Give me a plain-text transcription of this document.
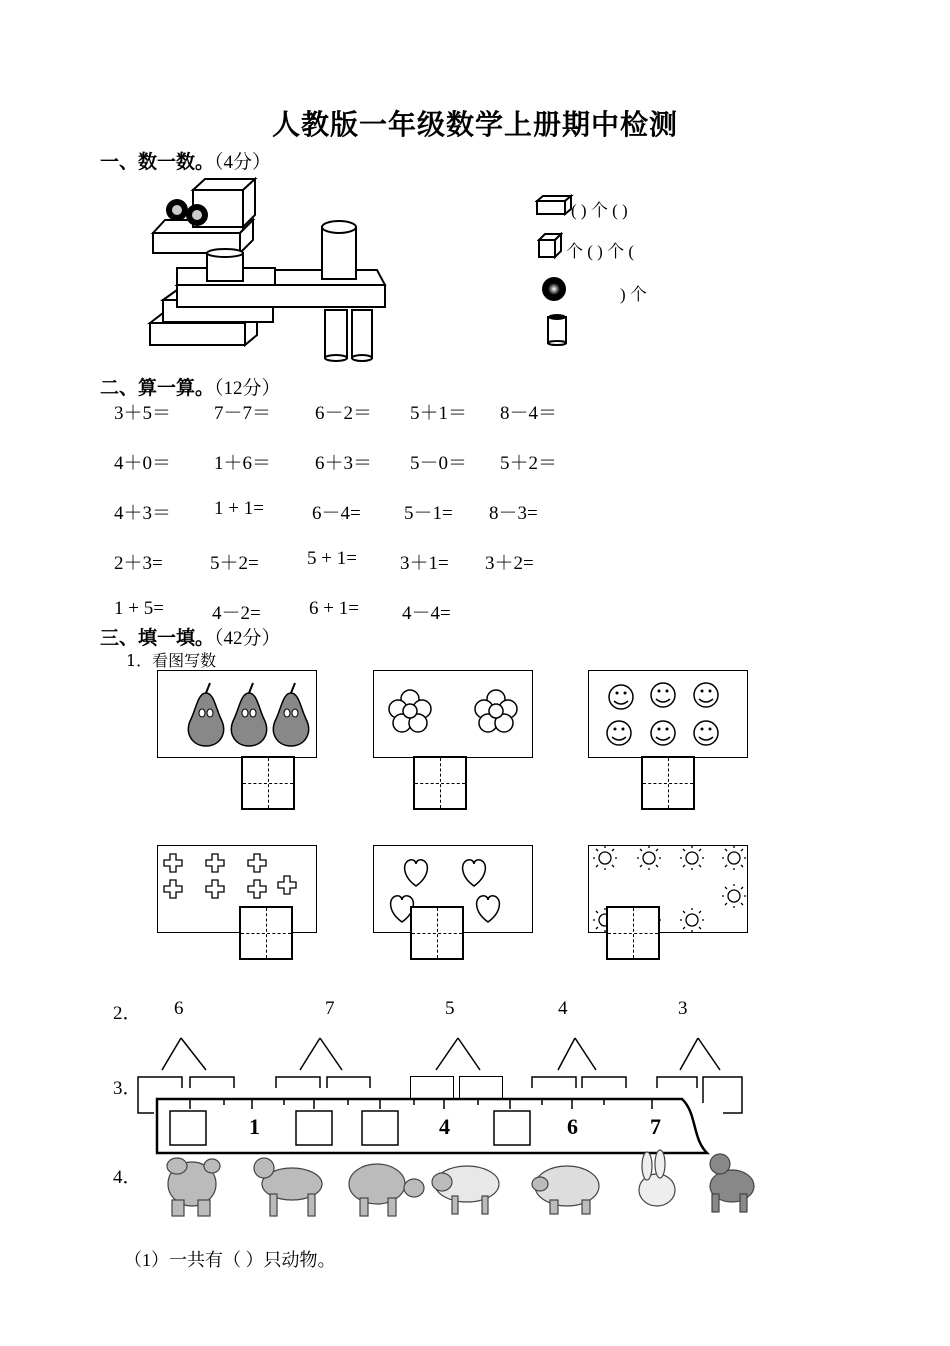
人教版一年级数学上册期中检测
一、数一数。（4分）
( ) 个 ( )
个 ( ) 个 (
) 个
二、算一算。（12分）
3＋5＝ 7－7＝ 6－2＝ 5＋1＝ 8－4＝
4＋0＝ 1＋6＝ 6＋3＝ 5－0＝ 5＋2＝
4＋3＝ 1 + 1=	6－4= 5－1= 8－3=
2＋3= 5＋2=	5 + 1= 3＋1= 3＋2=
1 + 5=	4－2=	6 + 1= 4－4=
三、填一填。（42分）
1．看图写数
2． 6	7	5	4	3
3．
1	4	6	7
4．
（1）一共有（ ）只动物。
